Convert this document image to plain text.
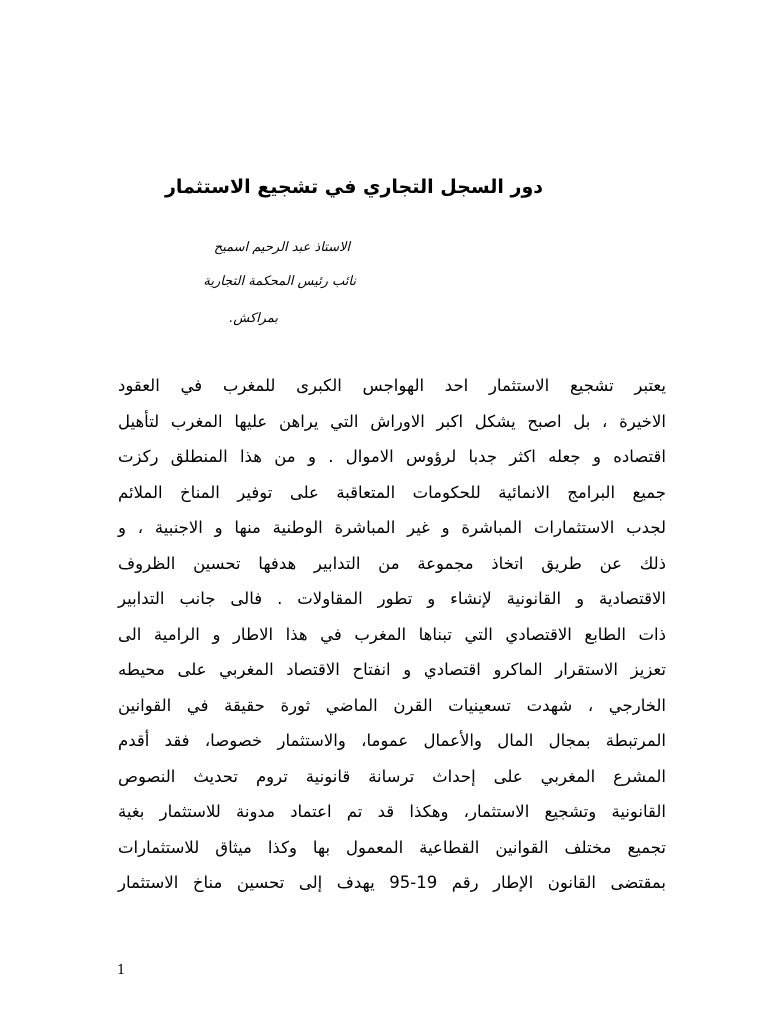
دور السجل التجاري في تشجيع الاستثمار
الاستاذ عبد الرحيم اسميح
نائب رئيس المحكمة التجارية
بمراكش.
يعتبر تشجيع الاستثمار احد الهواجس الكبرى للمغرب في العقود
الاخيرة ، بل اصبح يشكل اكبر الاوراش التي يراهن عليها المغرب لتأهيل
اقتصاده و جعله اكثر جدبا لرؤوس الاموال . و من هذا المنطلق ركزت
جميع البرامج الانمائية للحكومات المتعاقبة على توفير المناخ الملائم
لجدب الاستثمارات المباشرة و غير المباشرة الوطنية منها و الاجنبية ، و
ذلك عن طريق اتخاذ مجموعة من التدابير هدفها تحسين الظروف
الاقتصادية و القانونية لإنشاء و تطور المقاولات . فالى جانب التدابير
ذات الطابع الاقتصادي التي تبناها المغرب في هذا الاطار و الرامية الى
تعزيز الاستقرار الماكرو اقتصادي و انفتاح الاقتصاد المغربي على محيطه
الخارجي ، شهدت تسعينيات القرن الماضي ثورة حقيقة في القوانين
المرتبطة بمجال المال والأعمال عموما، والاستثمار خصوصا، فقد أقدم
المشرع المغربي على إحداث ترسانة قانونية تروم تحديث النصوص
القانونية وتشجيع الاستثمار، وهكذا قد تم اعتماد مدونة للاستثمار بغية
تجميع مختلف القوانين القطاعية المعمول بها وكذا ميثاق للاستثمارات
بمقتضى القانون الإطار رقم 19-95 يهدف إلى تحسين مناخ الاستثمار
1
